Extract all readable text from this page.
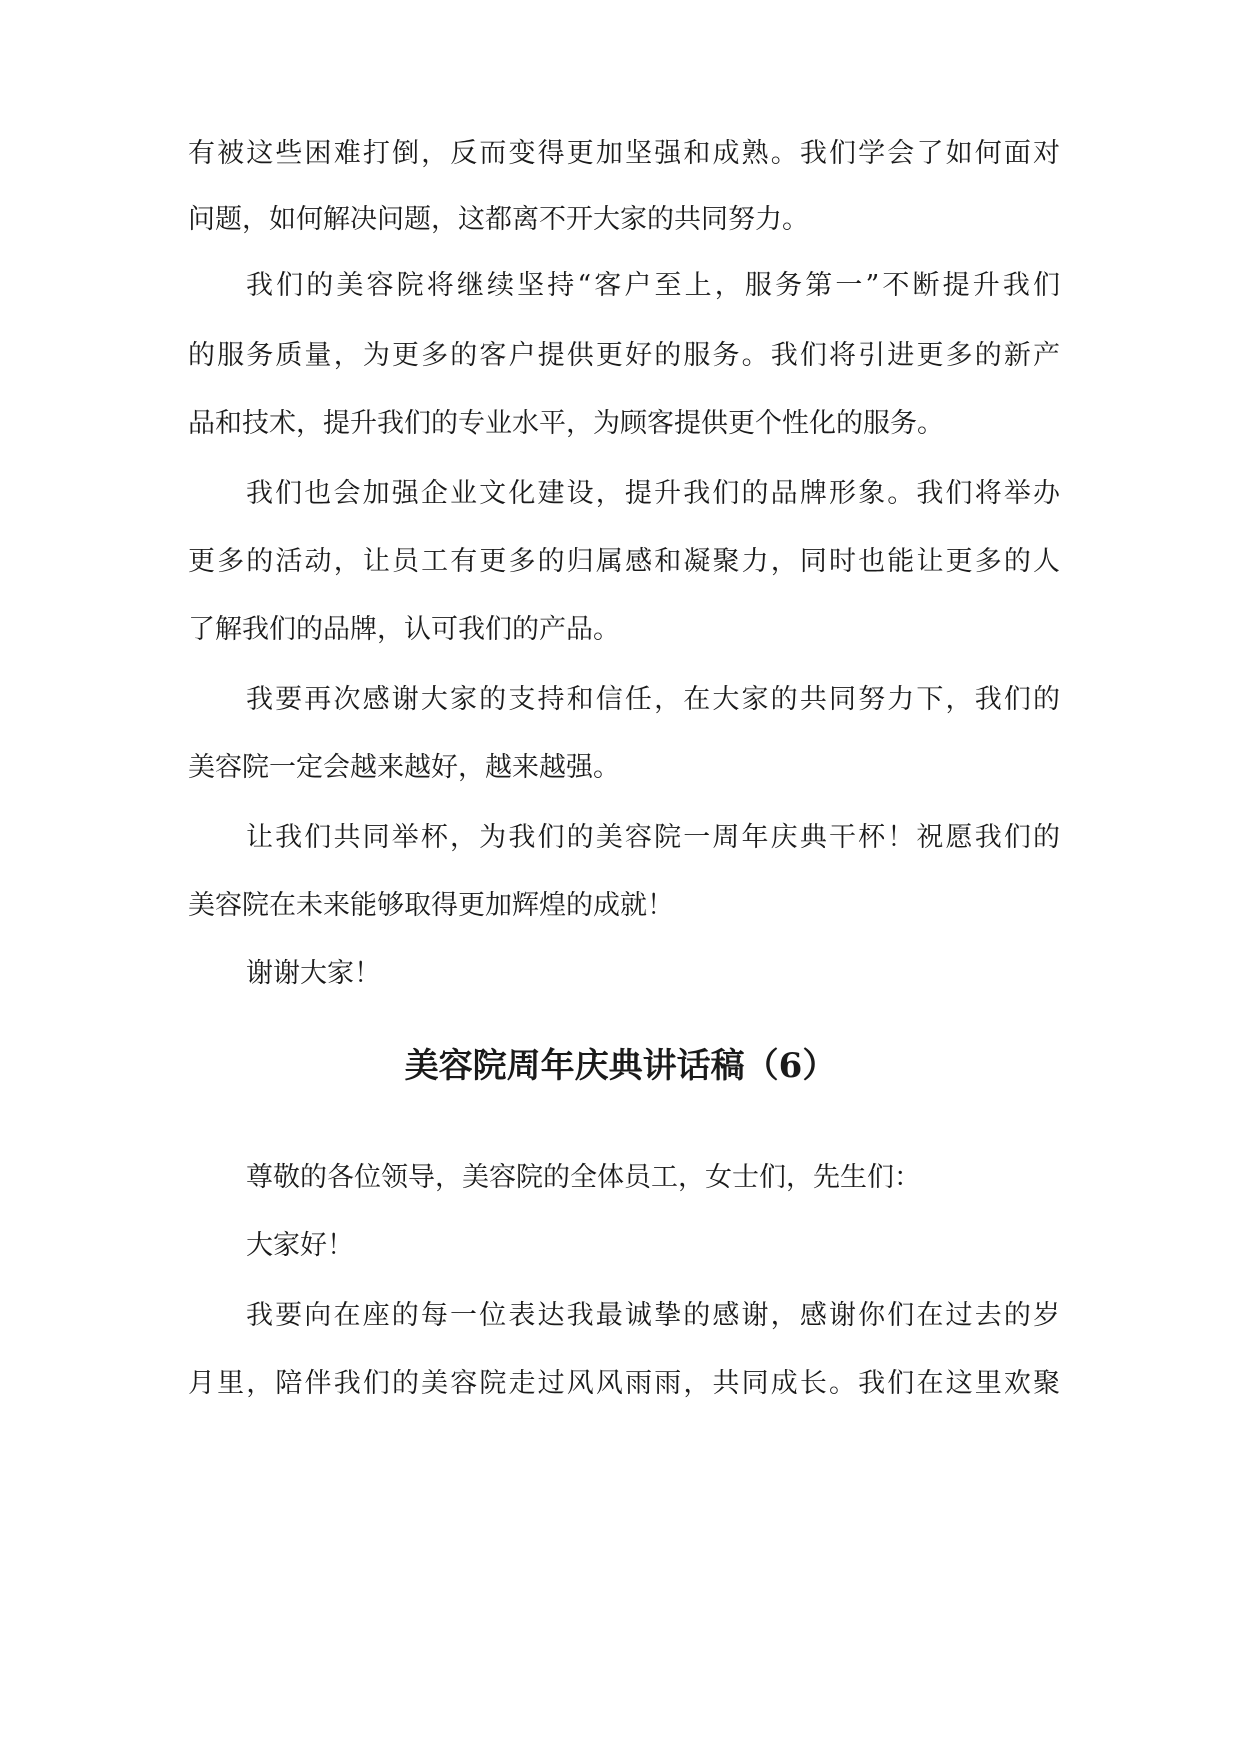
有被这些困难打倒，反而变得更加坚强和成熟。我们学会了如何面对
问题，如何解决问题，这都离不开大家的共同努力。
我们的美容院将继续坚持“客户至上，服务第一”不断提升我们
的服务质量，为更多的客户提供更好的服务。我们将引进更多的新产
品和技术，提升我们的专业水平，为顾客提供更个性化的服务。
我们也会加强企业文化建设，提升我们的品牌形象。我们将举办
更多的活动，让员工有更多的归属感和凝聚力，同时也能让更多的人
了解我们的品牌，认可我们的产品。
我要再次感谢大家的支持和信任，在大家的共同努力下，我们的
美容院一定会越来越好，越来越强。
让我们共同举杯，为我们的美容院一周年庆典干杯！祝愿我们的
美容院在未来能够取得更加辉煌的成就！
谢谢大家！
美容院周年庆典讲话稿（6）
尊敬的各位领导，美容院的全体员工，女士们，先生们：
大家好！
我要向在座的每一位表达我最诚挚的感谢，感谢你们在过去的岁
月里，陪伴我们的美容院走过风风雨雨，共同成长。我们在这里欢聚
